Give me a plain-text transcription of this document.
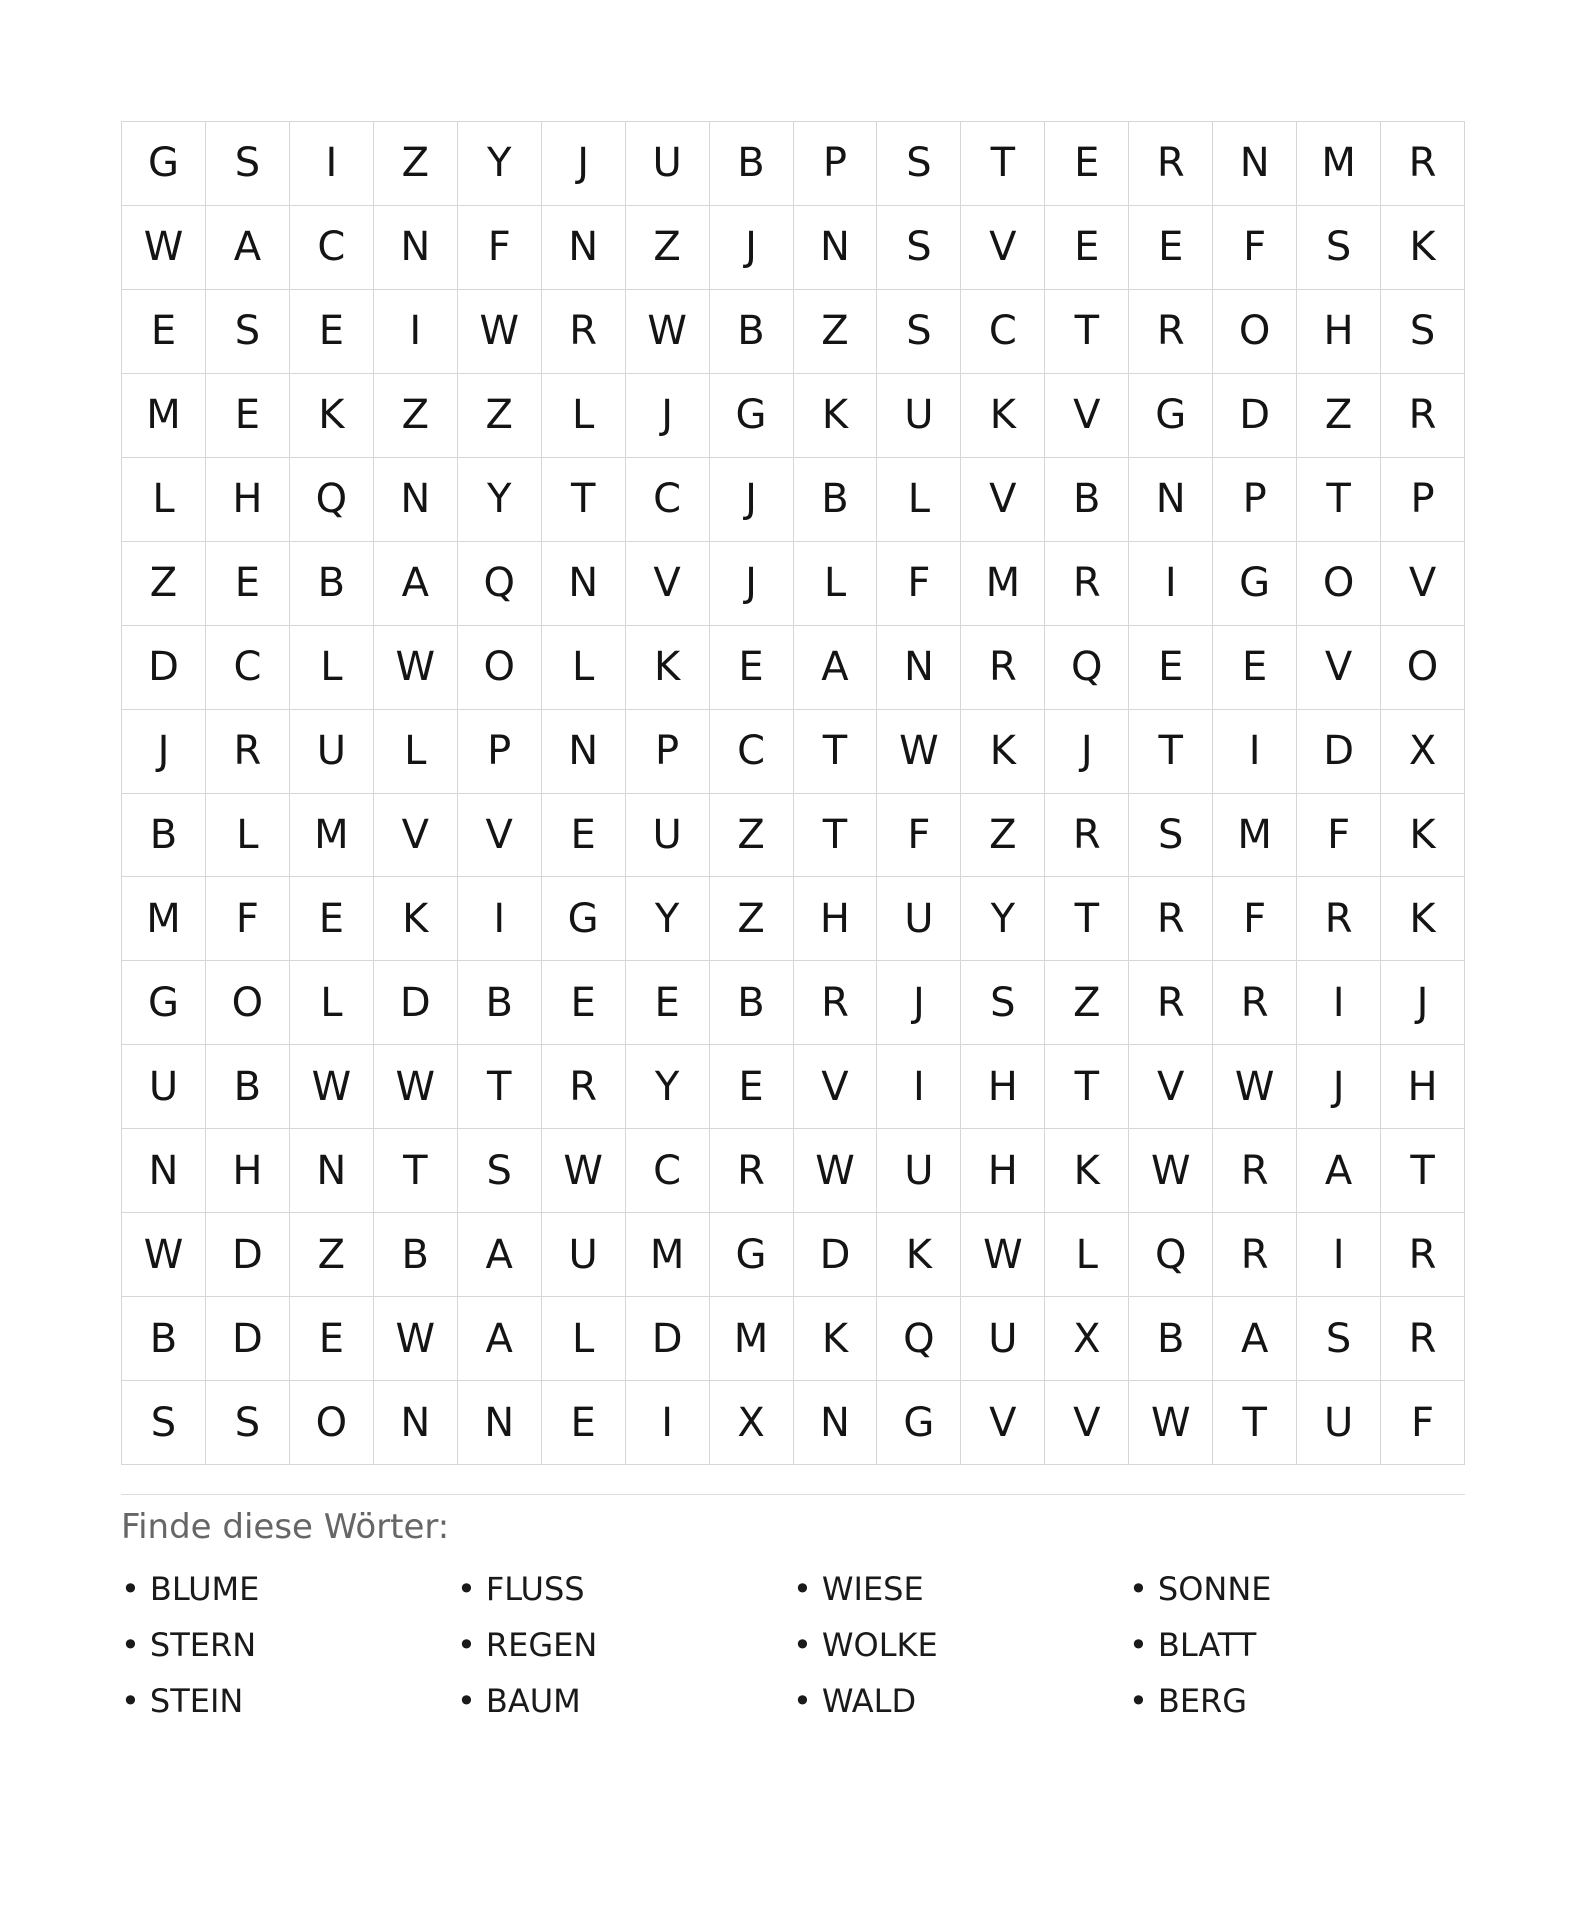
G	S	I	Z	Y	J	U	B	P	S	T	E	R	N	M	R
W	A	C	N	F	N	Z	J	N	S	V	E	E	F	S	K
E	S	E	I	W	R	W	B	Z	S	C	T	R	O	H	S
M	E	K	Z	Z	L	J	G	K	U	K	V	G	D	Z	R
L	H	Q	N	Y	T	C	J	B	L	V	B	N	P	T	P
Z	E	B	A	Q	N	V	J	L	F	M	R	I	G	O	V
D	C	L	W	O	L	K	E	A	N	R	Q	E	E	V	O
J	R	U	L	P	N	P	C	T	W	K	J	T	I	D	X
B	L	M	V	V	E	U	Z	T	F	Z	R	S	M	F	K
M	F	E	K	I	G	Y	Z	H	U	Y	T	R	F	R	K
G	O	L	D	B	E	E	B	R	J	S	Z	R	R	I	J
U	B	W	W	T	R	Y	E	V	I	H	T	V	W	J	H
N	H	N	T	S	W	C	R	W	U	H	K	W	R	A	T
W	D	Z	B	A	U	M	G	D	K	W	L	Q	R	I	R
B	D	E	W	A	L	D	M	K	Q	U	X	B	A	S	R
S	S	O	N	N	E	I	X	N	G	V	V	W	T	U	F
Finde diese Wörter:
• BLUME	• FLUSS	• WIESE	• SONNE
• STERN	• REGEN	• WOLKE	• BLATT
• STEIN	• BAUM	• WALD	• BERG
